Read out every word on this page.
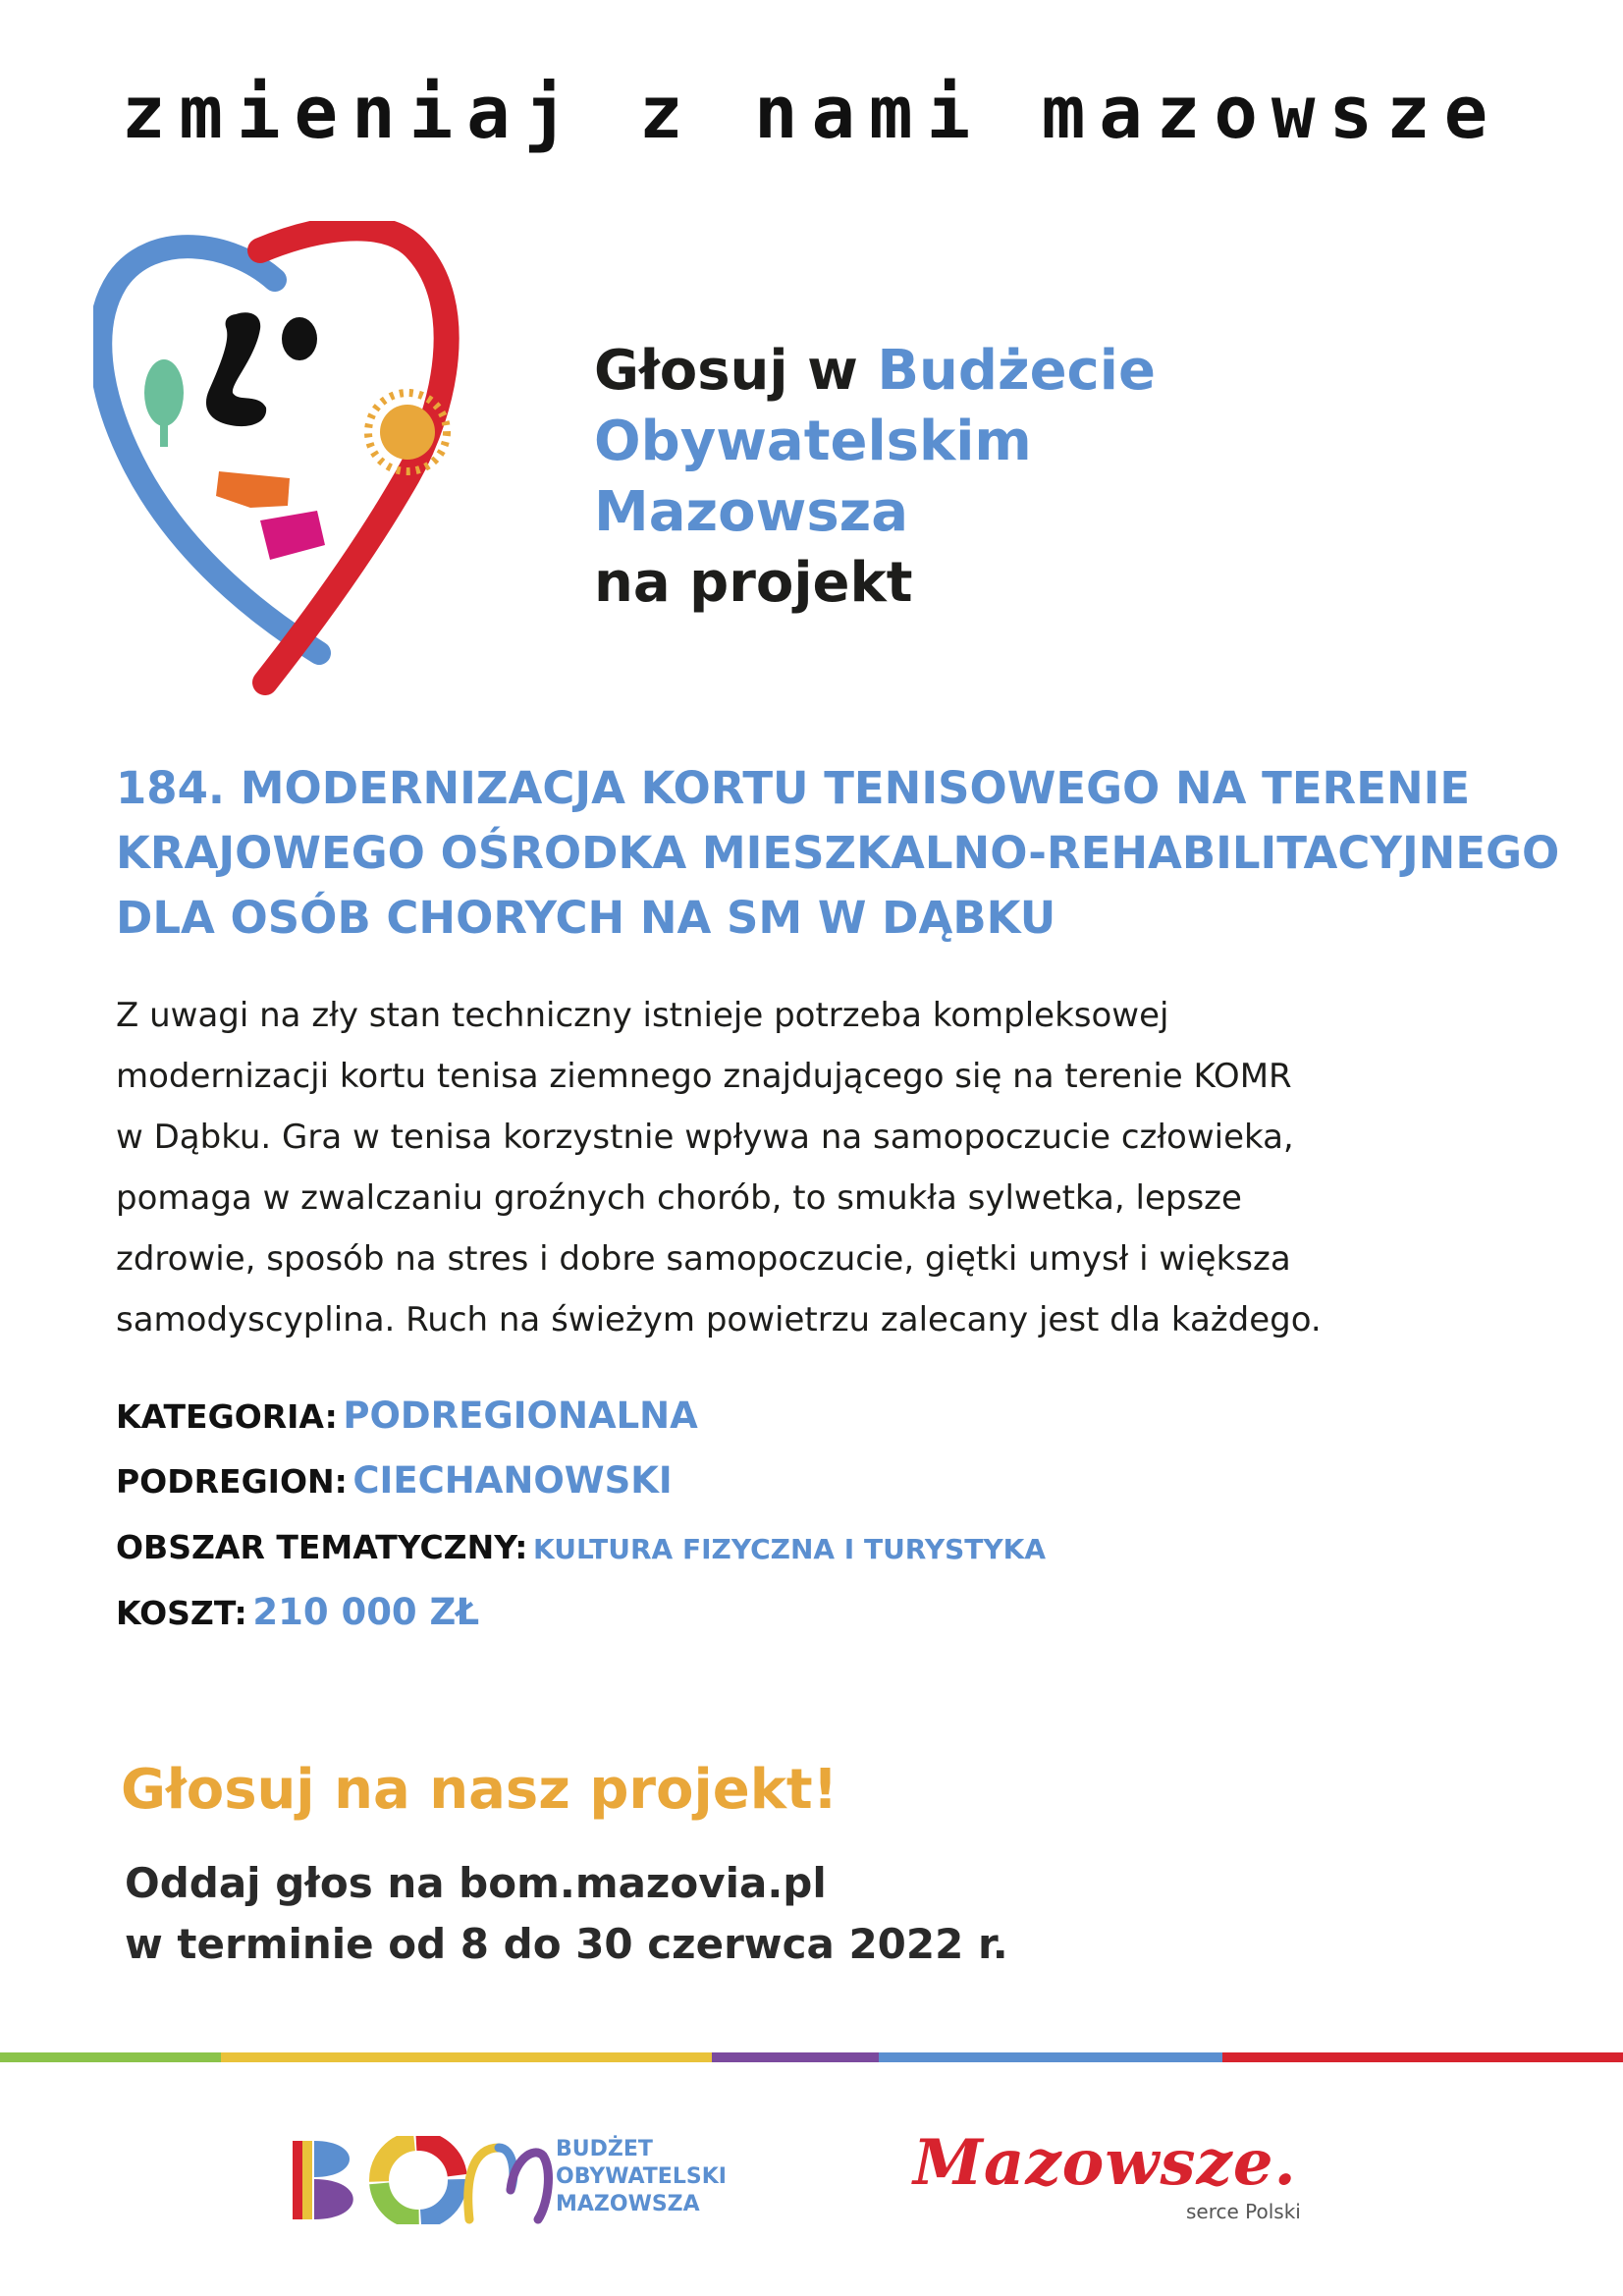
zmieniaj z nami mazowsze
Głosuj w Budżecie
Obywatelskim
Mazowsza
na projekt
184. MODERNIZACJA KORTU TENISOWEGO NA TERENIE
KRAJOWEGO OŚRODKA MIESZKALNO-REHABILITACYJNEGO
DLA OSÓB CHORYCH NA SM W DĄBKU
Z uwagi na zły stan techniczny istnieje potrzeba kompleksowej
modernizacji kortu tenisa ziemnego znajdującego się na terenie KOMR
w Dąbku. Gra w tenisa korzystnie wpływa na samopoczucie człowieka,
pomaga w zwalczaniu groźnych chorób, to smukła sylwetka, lepsze
zdrowie, sposób na stres i dobre samopoczucie, giętki umysł i większa
samodyscyplina. Ruch na świeżym powietrzu zalecany jest dla każdego.
KATEGORIA: PODREGIONALNA
PODREGION: CIECHANOWSKI
OBSZAR TEMATYCZNY: KULTURA FIZYCZNA I TURYSTYKA
KOSZT: 210 000 ZŁ
Głosuj na nasz projekt!
Oddaj głos na bom.mazovia.pl
w terminie od 8 do 30 czerwca 2022 r.
BUDŻET
OBYWATELSKI
MAZOWSZA
Mazowsze.
serce Polski
